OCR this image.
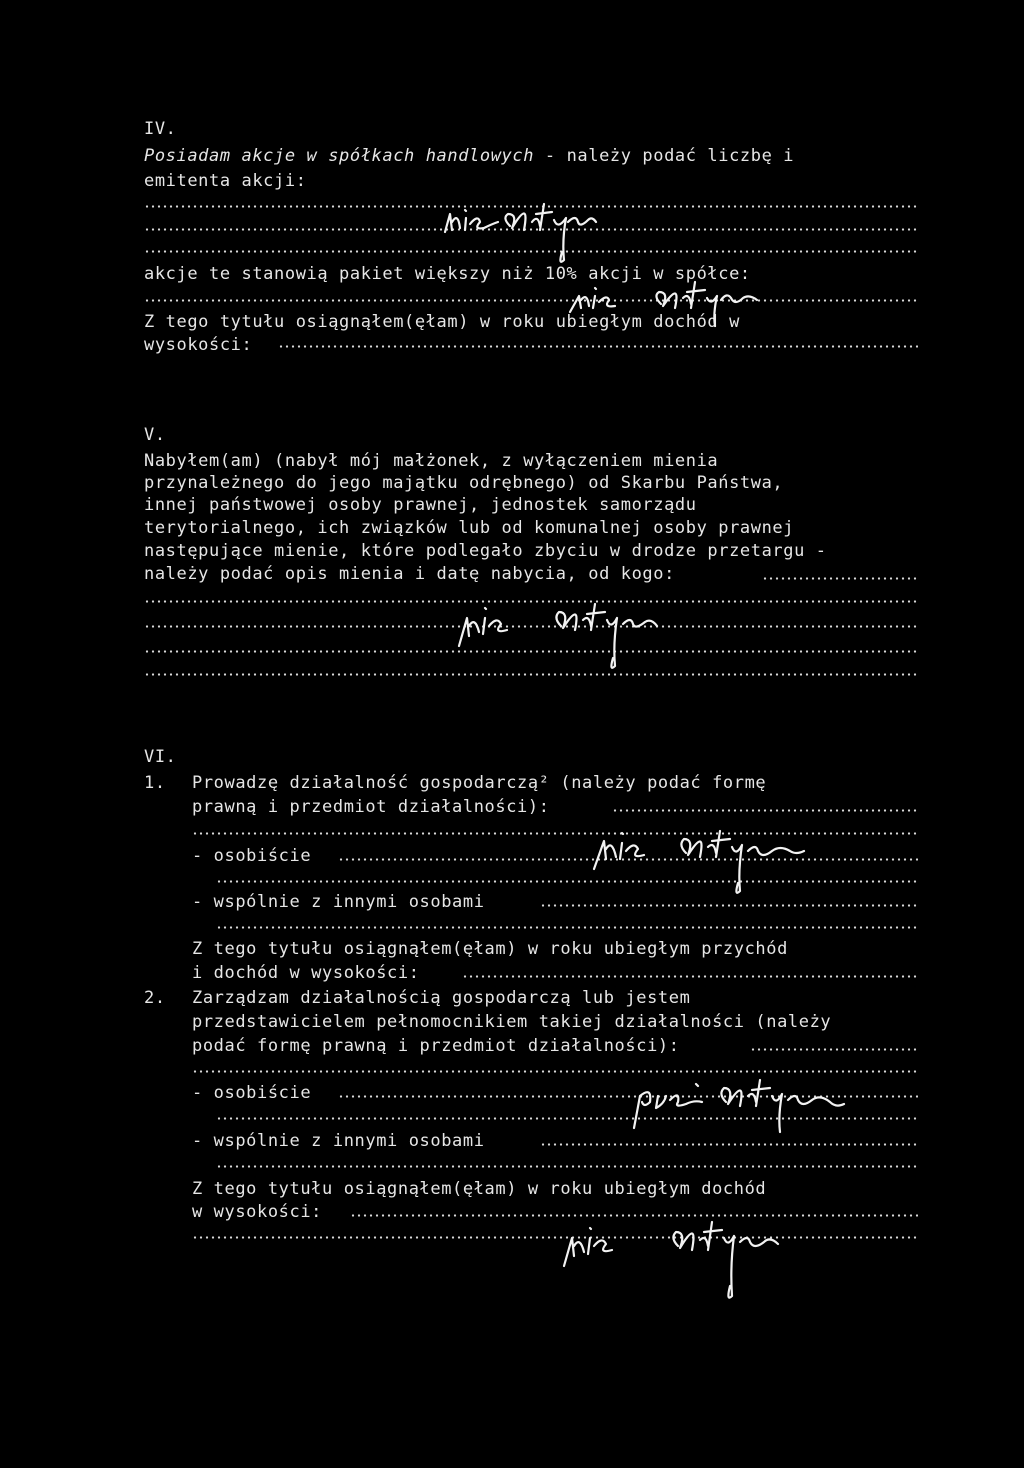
IV.
Posiadam akcje w spółkach handlowych - należy podać liczbę i
emitenta akcji:
akcje te stanowią pakiet większy niż 10% akcji w spółce:
Z tego tytułu osiągnąłem(ęłam) w roku ubiegłym dochód w
wysokości:
V.
Nabyłem(am) (nabył mój małżonek, z wyłączeniem mienia
przynależnego do jego majątku odrębnego) od Skarbu Państwa,
innej państwowej osoby prawnej, jednostek samorządu
terytorialnego, ich związków lub od komunalnej osoby prawnej
następujące mienie, które podlegało zbyciu w drodze przetargu -
należy podać opis mienia i datę nabycia, od kogo:
VI.
1. Prowadzę działalność gospodarczą² (należy podać formę
prawną i przedmiot działalności):
- osobiście
- wspólnie z innymi osobami
Z tego tytułu osiągnąłem(ęłam) w roku ubiegłym przychód
i dochód w wysokości:
2. Zarządzam działalnością gospodarczą lub jestem
przedstawicielem pełnomocnikiem takiej działalności (należy
podać formę prawną i przedmiot działalności):
- osobiście
- wspólnie z innymi osobami
Z tego tytułu osiągnąłem(ęłam) w roku ubiegłym dochód
w wysokości:
